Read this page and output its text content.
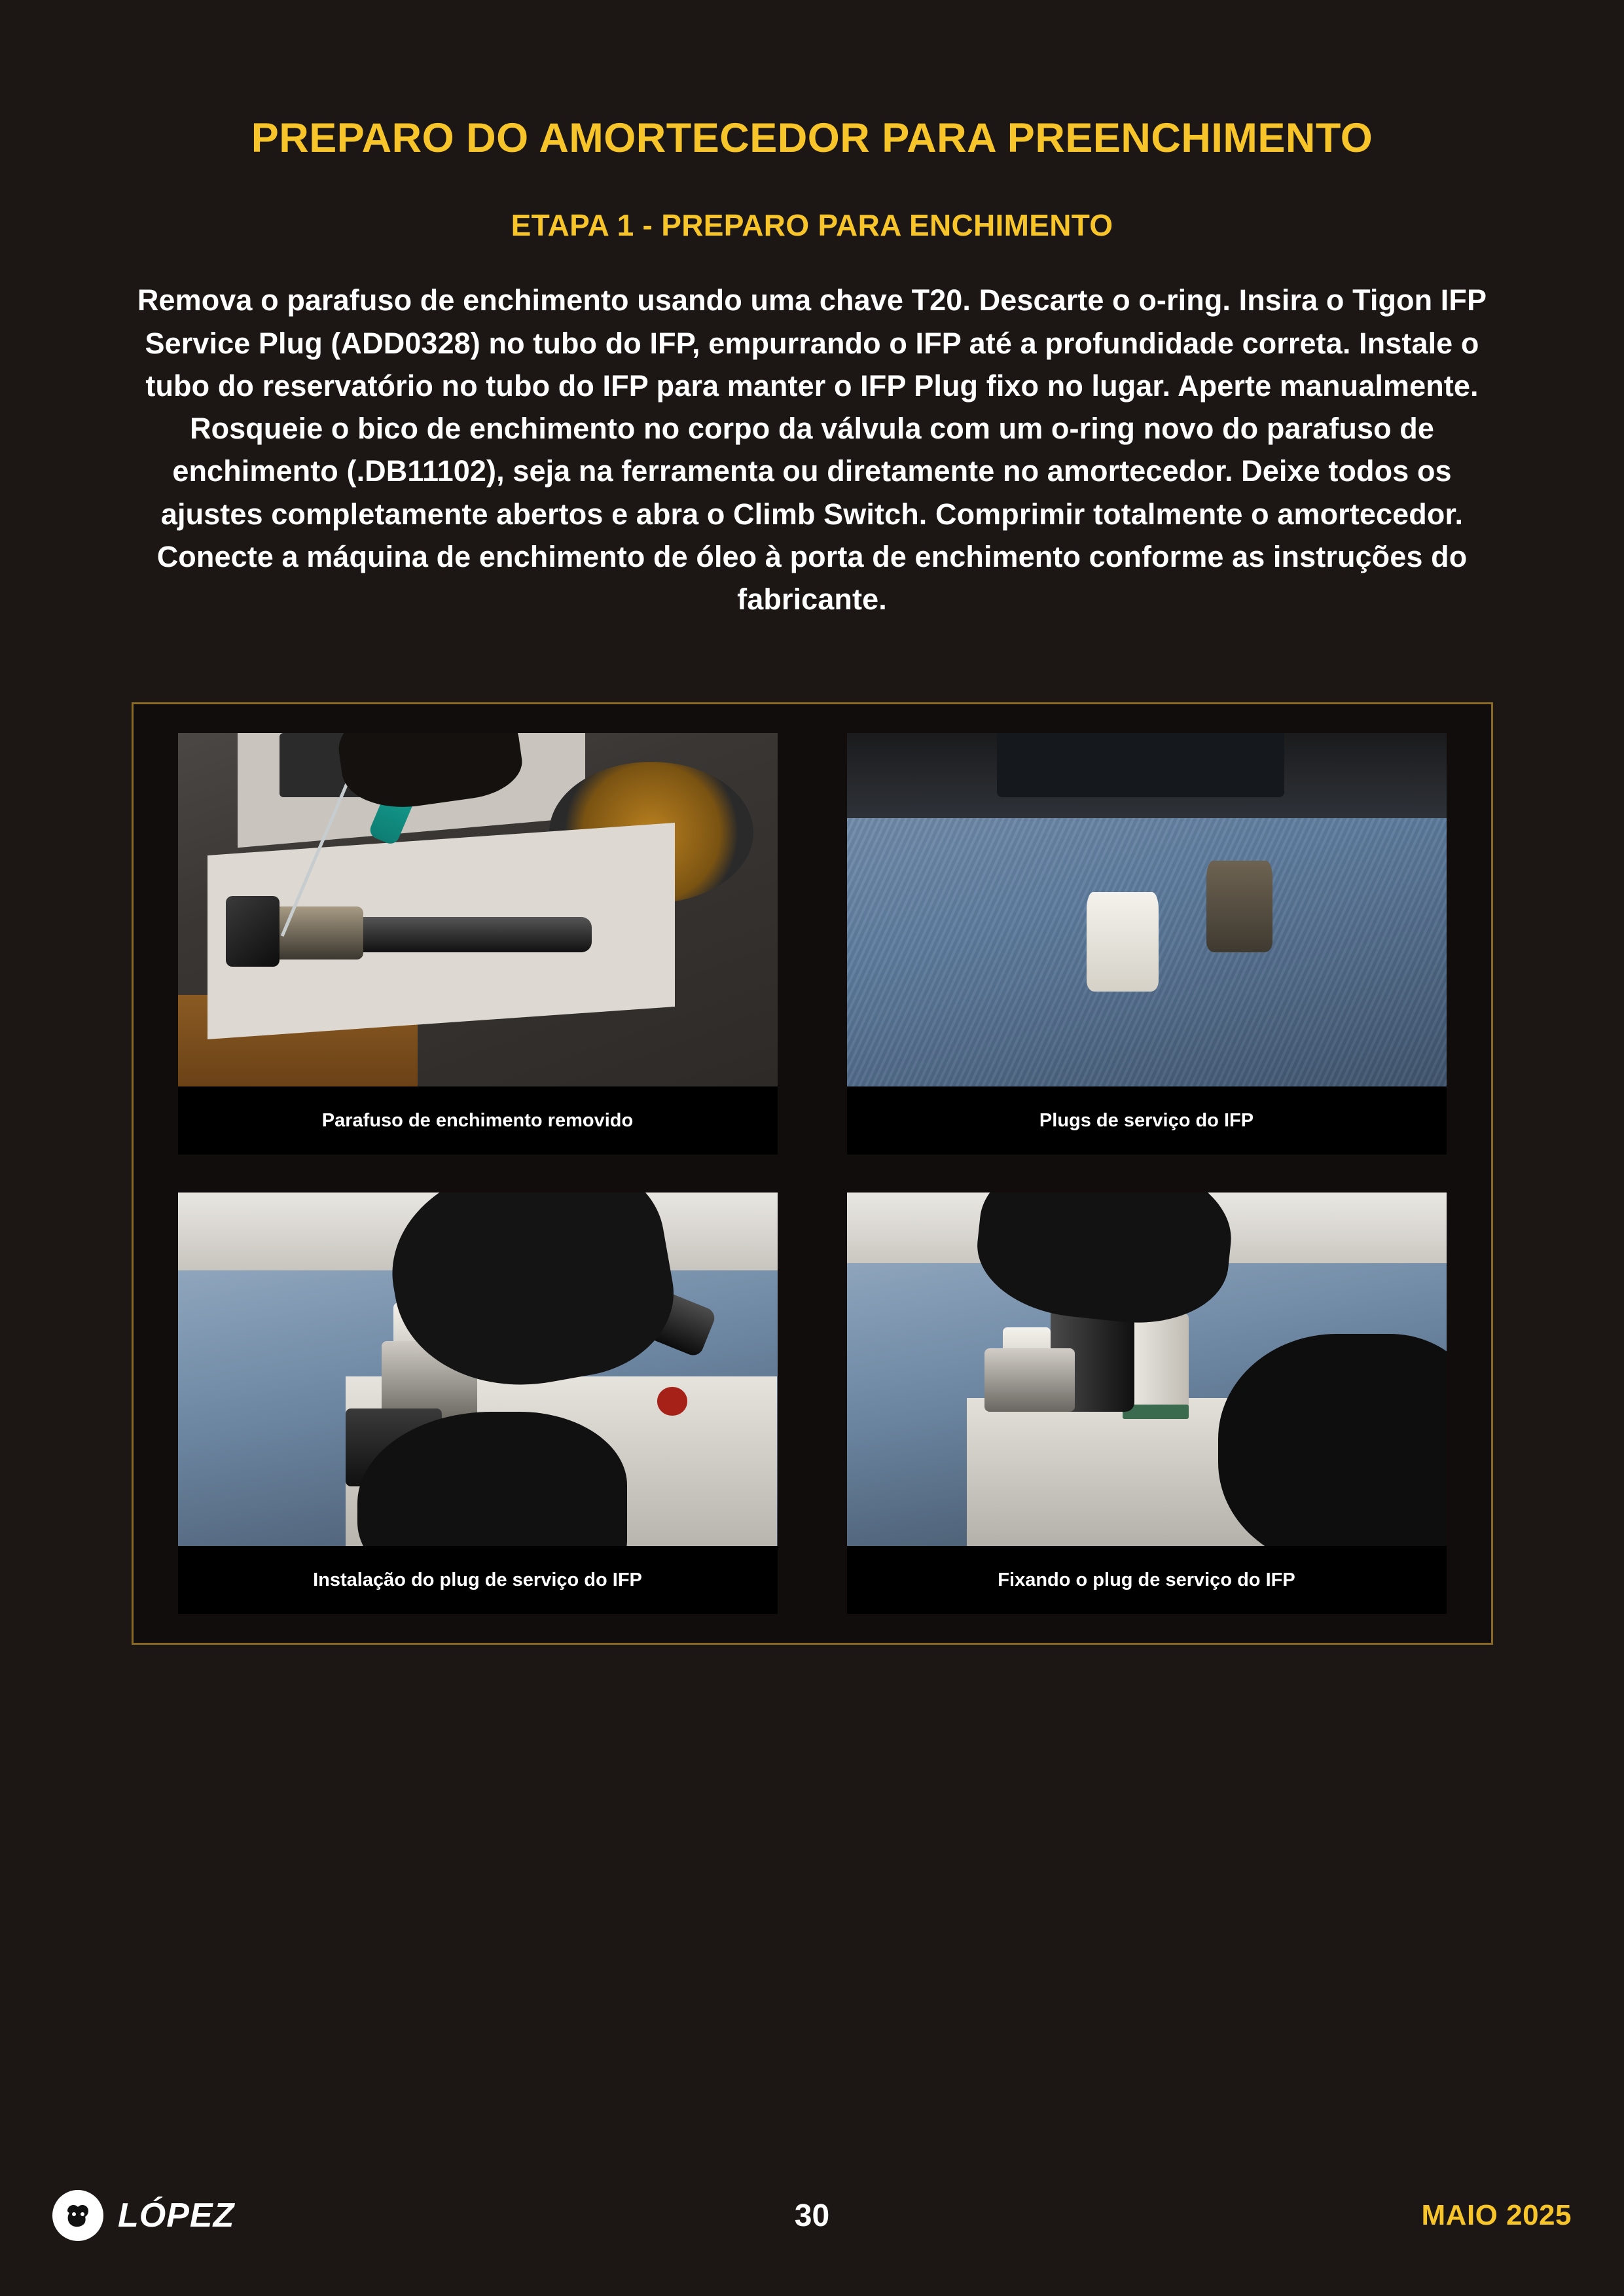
PREPARO DO AMORTECEDOR PARA PREENCHIMENTO
ETAPA 1 - PREPARO PARA ENCHIMENTO

Remova o parafuso de enchimento usando uma chave T20. Descarte o o-ring. Insira o Tigon IFP Service Plug (ADD0328) no tubo do IFP, empurrando o IFP até a profundidade correta. Instale o tubo do reservatório no tubo do IFP para manter o IFP Plug fixo no lugar. Aperte manualmente. Rosqueie o bico de enchimento no corpo da válvula com um o-ring novo do parafuso de enchimento (.DB11102), seja na ferramenta ou diretamente no amortecedor. Deixe todos os ajustes completamente abertos e abra o Climb Switch. Comprimir totalmente o amortecedor. Conecte a máquina de enchimento de óleo à porta de enchimento conforme as instruções do fabricante.

Parafuso de enchimento removido	Plugs de serviço do IFP
Instalação do plug de serviço do IFP	Fixando o plug de serviço do IFP
LÓPEZ	30	MAIO 2025
